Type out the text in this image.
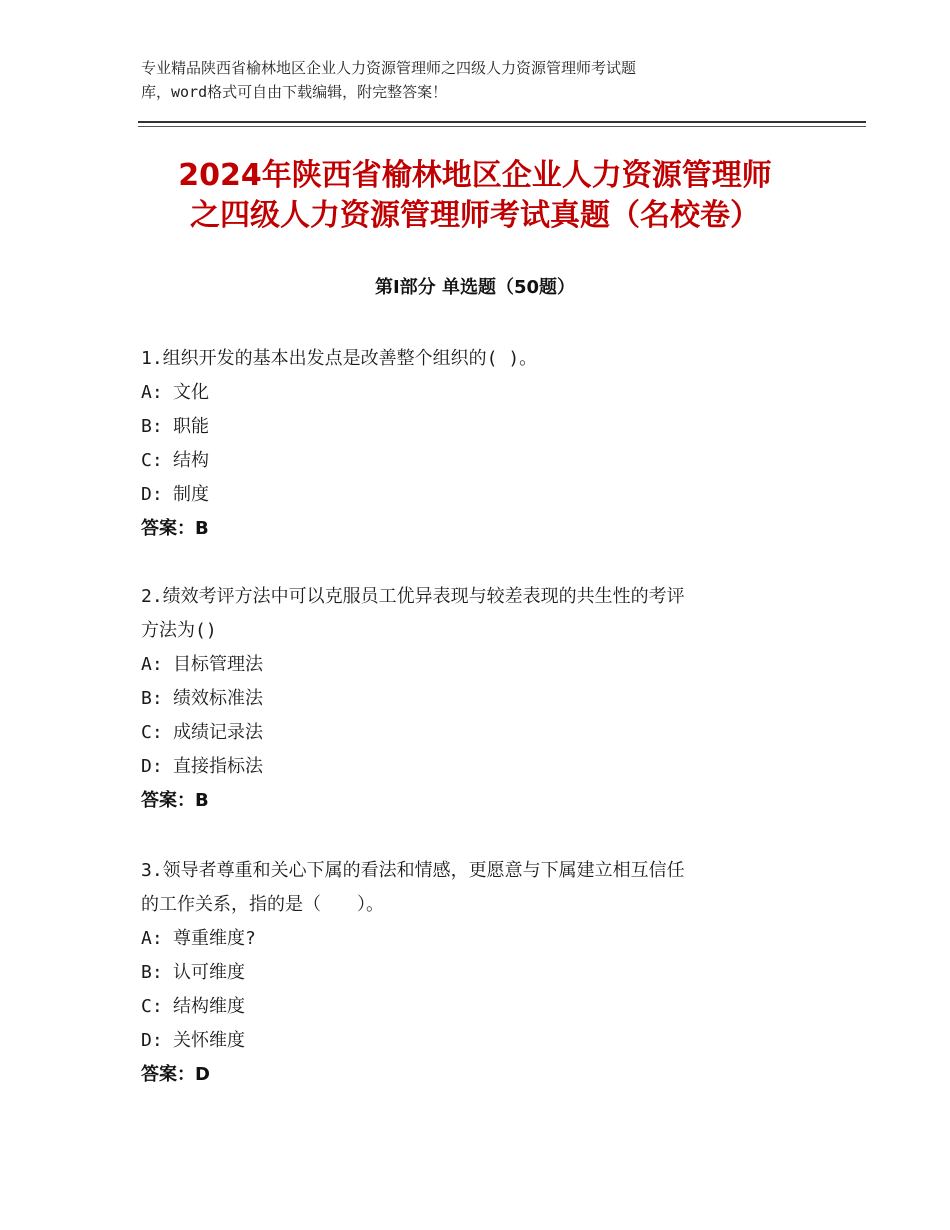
专业精品陕西省榆林地区企业人力资源管理师之四级人力资源管理师考试题
库，word格式可自由下载编辑，附完整答案！
2024年陕西省榆林地区企业人力资源管理师
之四级人力资源管理师考试真题（名校卷）
第Ⅰ部分 单选题（50题）
1.组织开发的基本出发点是改善整个组织的( )。
A: 文化
B: 职能
C: 结构
D: 制度
答案：B
2.绩效考评方法中可以克服员工优异表现与较差表现的共生性的考评
方法为()
A: 目标管理法
B: 绩效标准法
C: 成绩记录法
D: 直接指标法
答案：B
3.领导者尊重和关心下属的看法和情感，更愿意与下属建立相互信任
的工作关系，指的是（　　）。
A: 尊重维度?
B: 认可维度
C: 结构维度
D: 关怀维度
答案：D
